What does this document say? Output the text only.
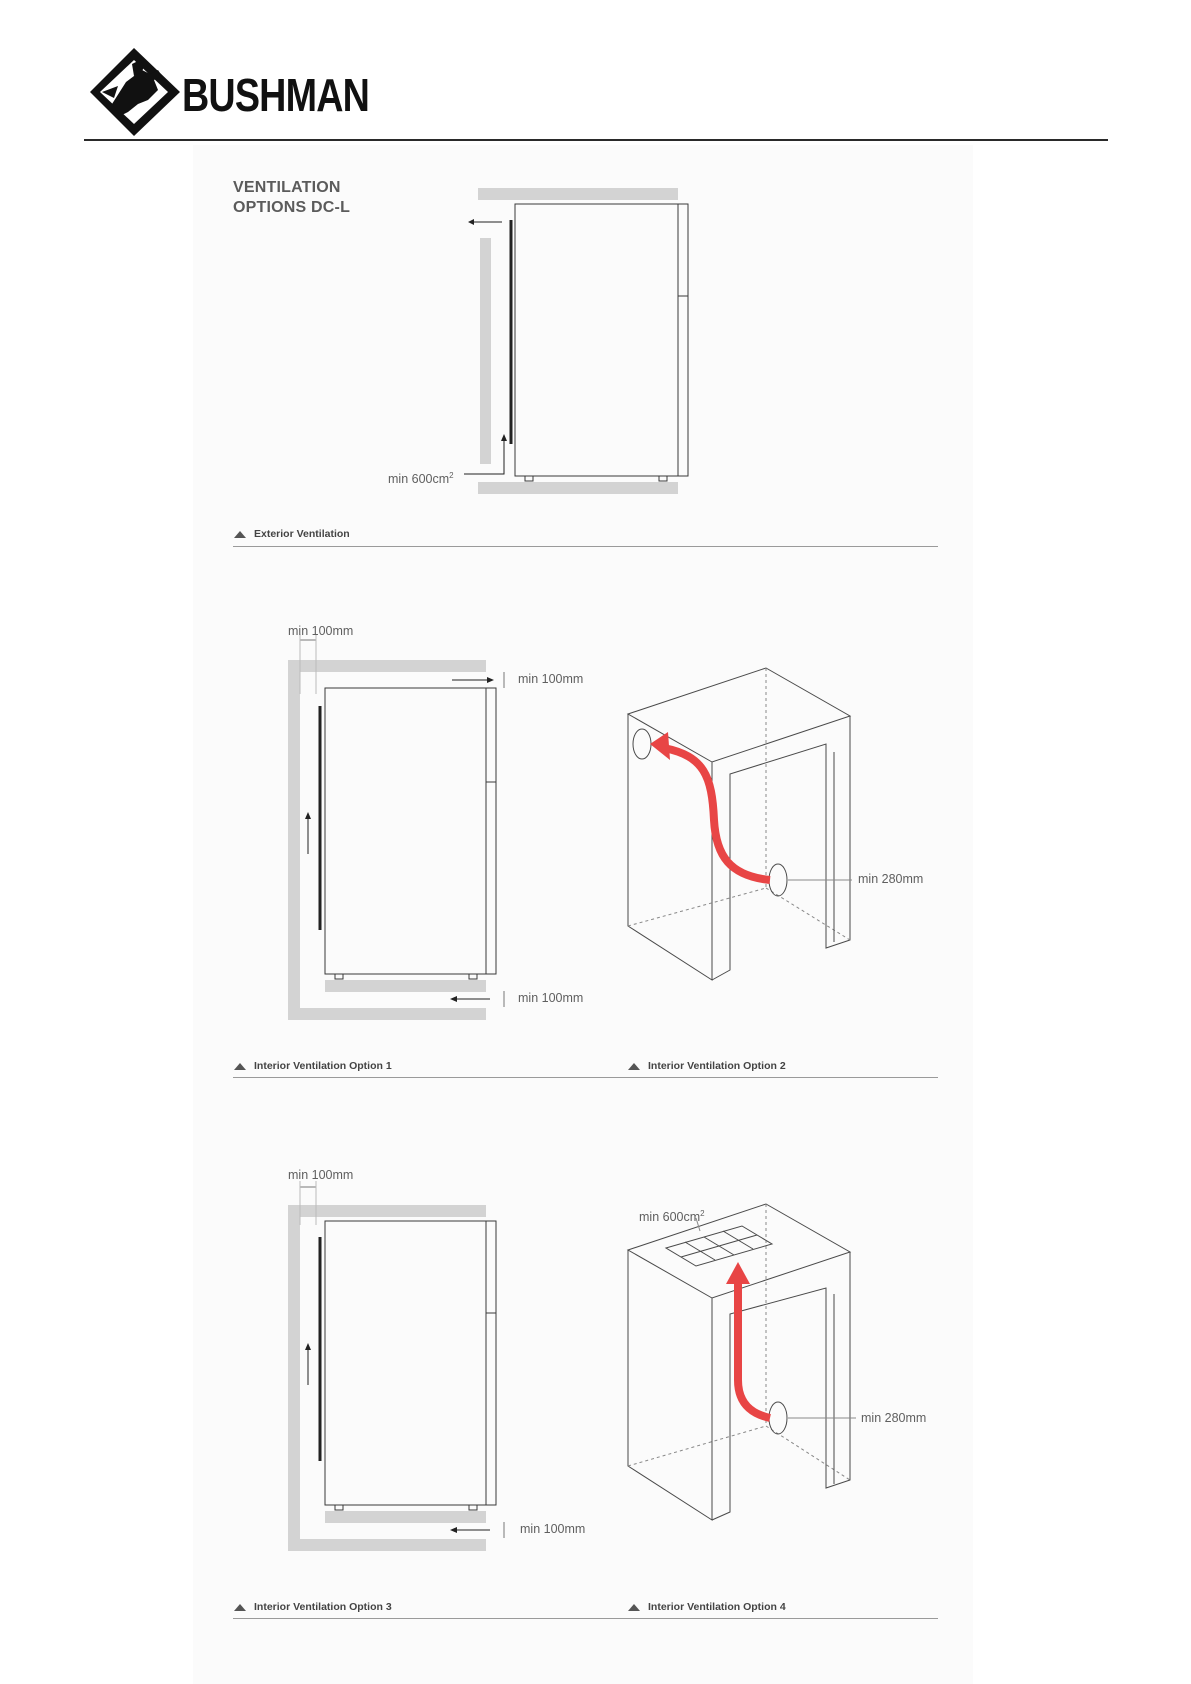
BUSHMAN
VENTILATION
OPTIONS DC-L
$\min 600cm^2$
Exterior Ventilation
min 100mm
min 100mm
min 100mm
Interior Ventilation Option 1
min 280mm
Interior Ventilation Option 2
min 100mm
min 100mm
Interior Ventilation Option 3
$\min 600cm^2$
min 280mm
Interior Ventilation Option 4
